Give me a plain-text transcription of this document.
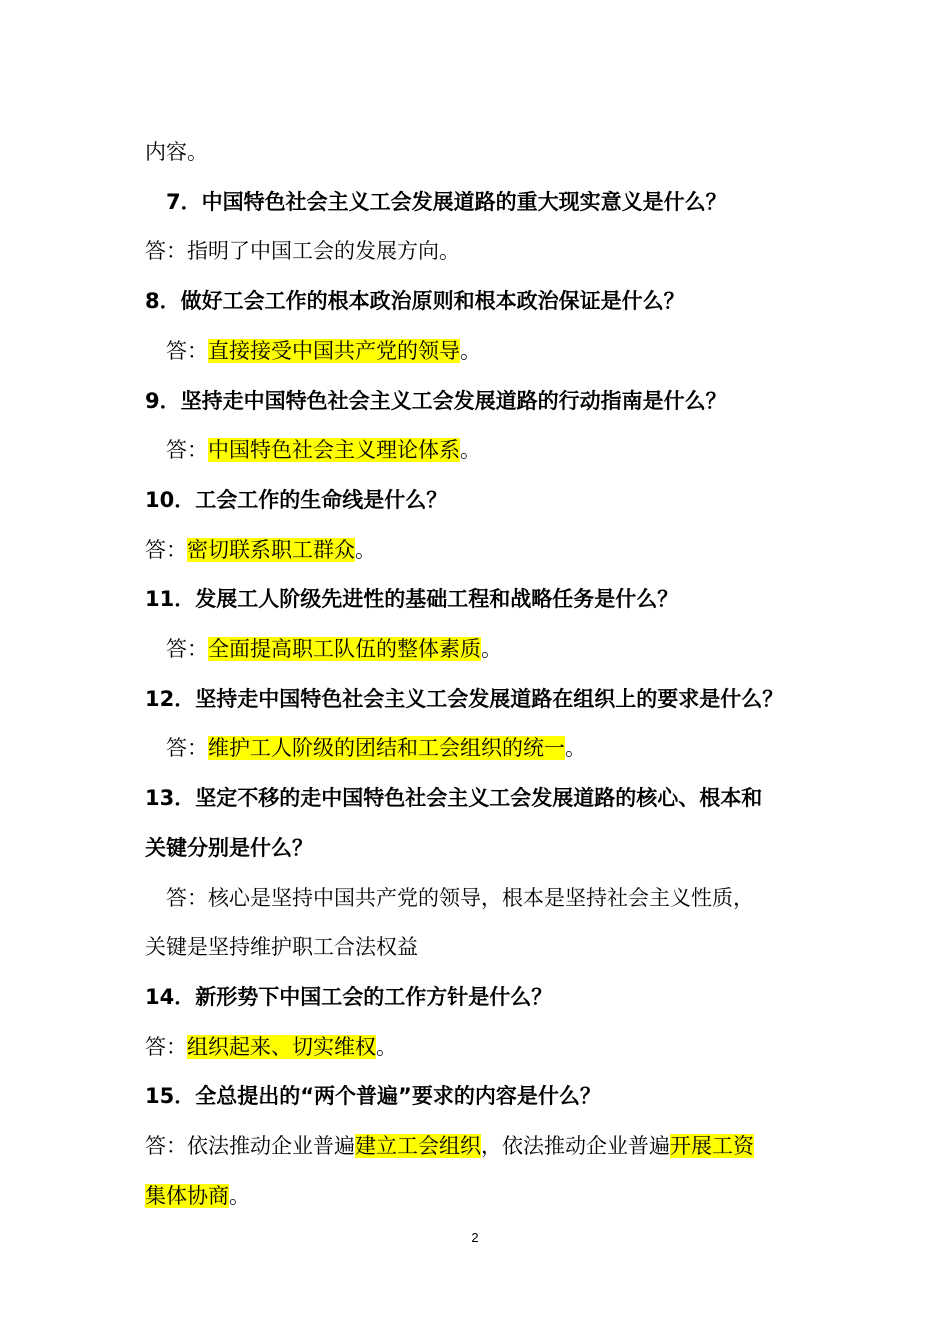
2
内容。
7．中国特色社会主义工会发展道路的重大现实意义是什么？
答：指明了中国工会的发展方向。
8．做好工会工作的根本政治原则和根本政治保证是什么？
答：直接接受中国共产党的领导。
9．坚持走中国特色社会主义工会发展道路的行动指南是什么？
答：中国特色社会主义理论体系。
10．工会工作的生命线是什么？
答：密切联系职工群众。
11．发展工人阶级先进性的基础工程和战略任务是什么？
答：全面提高职工队伍的整体素质。
12．坚持走中国特色社会主义工会发展道路在组织上的要求是什么？
答：维护工人阶级的团结和工会组织的统一。
13．坚定不移的走中国特色社会主义工会发展道路的核心、根本和
关键分别是什么？
答：核心是坚持中国共产党的领导，根本是坚持社会主义性质，
关键是坚持维护职工合法权益
14．新形势下中国工会的工作方针是什么？
答：组织起来、切实维权。
15．全总提出的“两个普遍”要求的内容是什么？
答：依法推动企业普遍建立工会组织，依法推动企业普遍开展工资
集体协商。
